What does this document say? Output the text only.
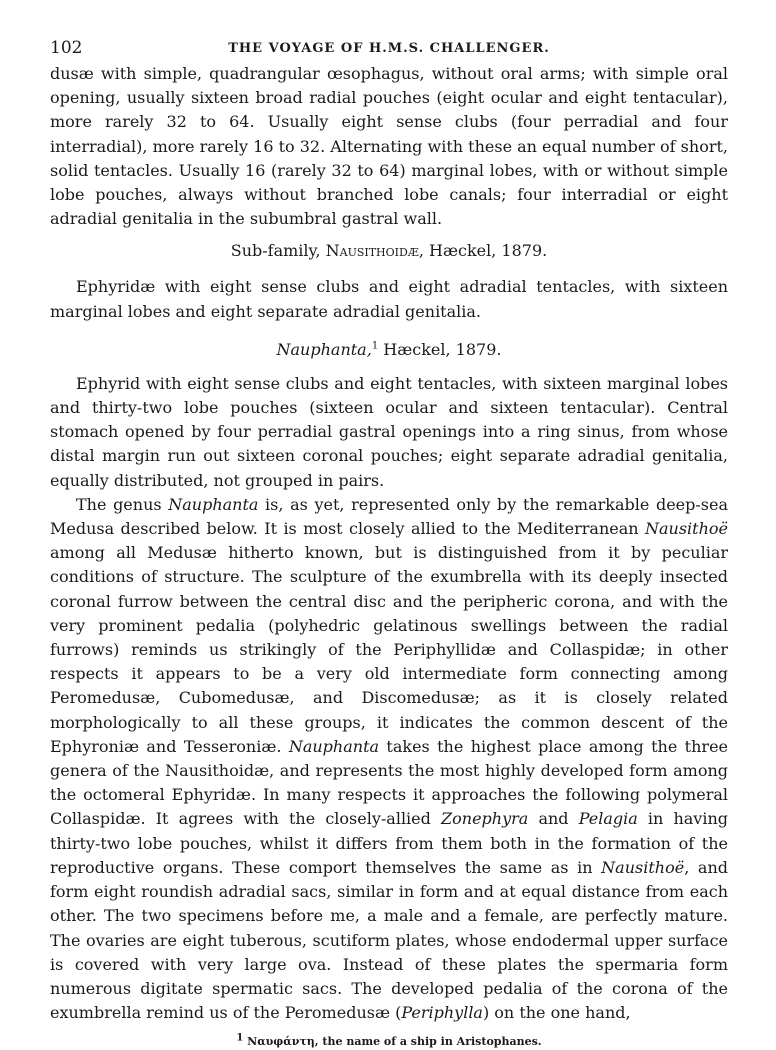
102	THE VOYAGE OF H.M.S. CHALLENGER.

dusæ with simple, quadrangular œsophagus, without oral arms; with simple oral opening, usually sixteen broad radial pouches (eight ocular and eight tentacular), more rarely 32 to 64. Usually eight sense clubs (four perradial and four interradial), more rarely 16 to 32. Alternating with these an equal number of short, solid tentacles. Usually 16 (rarely 32 to 64) marginal lobes, with or without simple lobe pouches, always without branched lobe canals; four interradial or eight adradial genitalia in the subumbral gastral wall.

Sub-family, Nausithoidæ, Hæckel, 1879.

Ephyridæ with eight sense clubs and eight adradial tentacles, with sixteen marginal lobes and eight separate adradial genitalia.

Nauphanta,$^1$ Hæckel, 1879.

Ephyrid with eight sense clubs and eight tentacles, with sixteen marginal lobes and thirty-two lobe pouches (sixteen ocular and sixteen tentacular). Central stomach opened by four perradial gastral openings into a ring sinus, from whose distal margin run out sixteen coronal pouches; eight separate adradial genitalia, equally distributed, not grouped in pairs.

The genus Nauphanta is, as yet, represented only by the remarkable deep-sea Medusa described below. It is most closely allied to the Mediterranean Nausithoë among all Medusæ hitherto known, but is distinguished from it by peculiar conditions of structure. The sculpture of the exumbrella with its deeply insected coronal furrow between the central disc and the peripheric corona, and with the very prominent pedalia (polyhedric gelatinous swellings between the radial furrows) reminds us strikingly of the Periphyllidæ and Collaspidæ; in other respects it appears to be a very old intermediate form connecting among Peromedusæ, Cubomedusæ, and Discomedusæ; as it is closely related morphologically to all these groups, it indicates the common descent of the Ephyroniæ and Tesseroniæ. Nauphanta takes the highest place among the three genera of the Nausithoidæ, and represents the most highly developed form among the octomeral Ephyridæ. In many respects it approaches the following polymeral Collaspidæ. It agrees with the closely-allied Zonephyra and Pelagia in having thirty-two lobe pouches, whilst it differs from them both in the formation of the reproductive organs. These comport themselves the same as in Nausithoë, and form eight roundish adradial sacs, similar in form and at equal distance from each other. The two specimens before me, a male and a female, are perfectly mature. The ovaries are eight tuberous, scutiform plates, whose endodermal upper surface is covered with very large ova. Instead of these plates the spermaria form numerous digitate spermatic sacs. The developed pedalia of the corona of the exumbrella remind us of the Peromedusæ (Periphylla) on the one hand,

$^1$ Ναυφάντη, the name of a ship in Aristophanes.
